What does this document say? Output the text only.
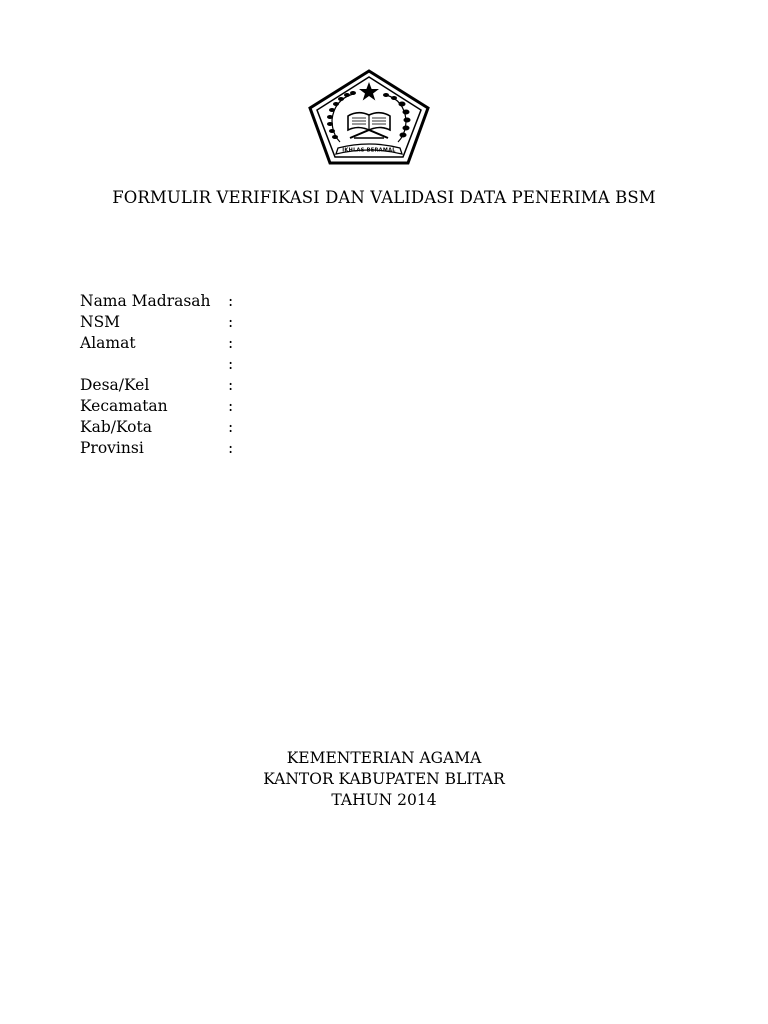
IKHLAS BERAMAL
FORMULIR VERIFIKASI DAN VALIDASI DATA PENERIMA BSM
Nama Madrasah :
NSM	:
Alamat	:
:
Desa/Kel	:
Kecamatan	:
Kab/Kota	:
Provinsi	:
KEMENTERIAN AGAMA
KANTOR KABUPATEN BLITAR
TAHUN 2014
